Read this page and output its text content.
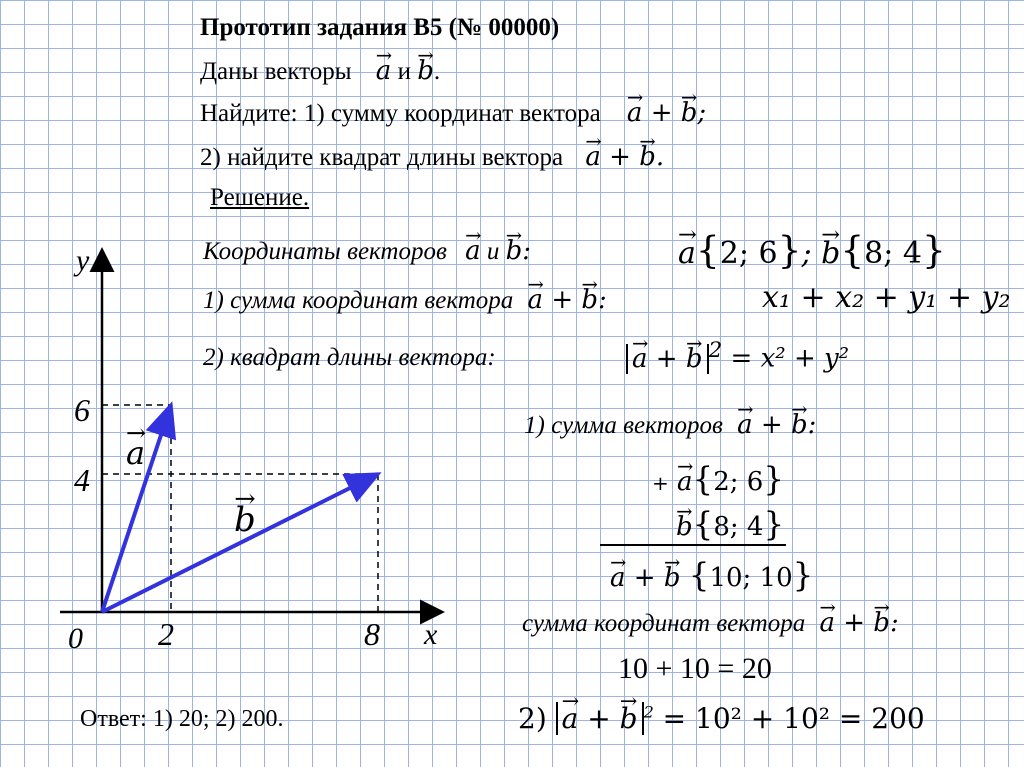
Прототип задания B5 (№ 00000)
Даны векторы → a и → b.
Найдите: 1) сумму координат вектора → a + → b;
2) найдите квадрат длины вектора → a + → b.
Решение.
Координаты векторов → a и → b:	→ a{2; 6}; → b{8; 4}
1) сумма координат вектора → a + → b:	x₁ + x₂ + y₁ + y₂
2) квадрат длины вектора:	→ a + → b $^2$ = x² + y²
1) сумма векторов → a + → b:
+ → a{2; 6}
→ b{8; 4}
→ a + → b {10; 10}
сумма координат вектора → a + → b:
10 + 10 = 20
2) → a + → b $^2$ = 10² + 10² = 200
Ответ: 1) 20; 2) 200.
y
x
0
6
4
2	8
→ a
→ b
